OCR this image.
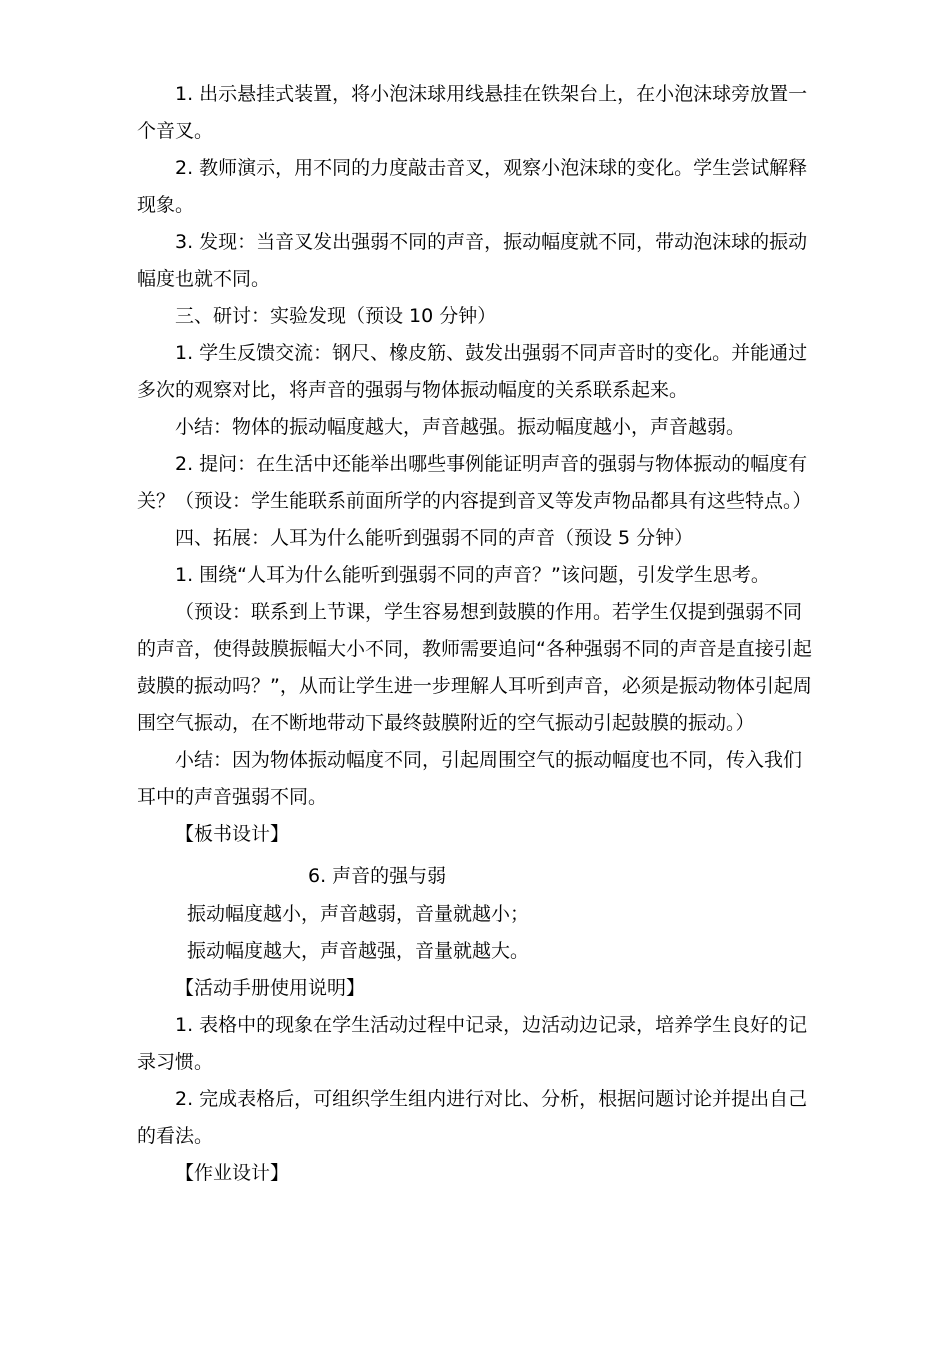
1. 出示悬挂式装置，将小泡沫球用线悬挂在铁架台上，在小泡沫球旁放置一个音叉。

2. 教师演示，用不同的力度敲击音叉，观察小泡沫球的变化。学生尝试解释现象。

3. 发现：当音叉发出强弱不同的声音，振动幅度就不同，带动泡沫球的振动幅度也就不同。

三、研讨：实验发现（预设 10 分钟）

1. 学生反馈交流：钢尺、橡皮筋、鼓发出强弱不同声音时的变化。并能通过多次的观察对比，将声音的强弱与物体振动幅度的关系联系起来。

小结：物体的振动幅度越大，声音越强。振动幅度越小，声音越弱。

2. 提问：在生活中还能举出哪些事例能证明声音的强弱与物体振动的幅度有关？（预设：学生能联系前面所学的内容提到音叉等发声物品都具有这些特点。）

四、拓展：人耳为什么能听到强弱不同的声音（预设 5 分钟）

1. 围绕“人耳为什么能听到强弱不同的声音？”该问题，引发学生思考。

（预设：联系到上节课，学生容易想到鼓膜的作用。若学生仅提到强弱不同的声音，使得鼓膜振幅大小不同，教师需要追问“各种强弱不同的声音是直接引起鼓膜的振动吗？”，从而让学生进一步理解人耳听到声音，必须是振动物体引起周围空气振动，在不断地带动下最终鼓膜附近的空气振动引起鼓膜的振动。）

小结：因为物体振动幅度不同，引起周围空气的振动幅度也不同，传入我们耳中的声音强弱不同。

【板书设计】

6. 声音的强与弱
振动幅度越小，声音越弱，音量就越小；
振动幅度越大，声音越强，音量就越大。

【活动手册使用说明】

1. 表格中的现象在学生活动过程中记录，边活动边记录，培养学生良好的记录习惯。

2. 完成表格后，可组织学生组内进行对比、分析，根据问题讨论并提出自己的看法。

【作业设计】
